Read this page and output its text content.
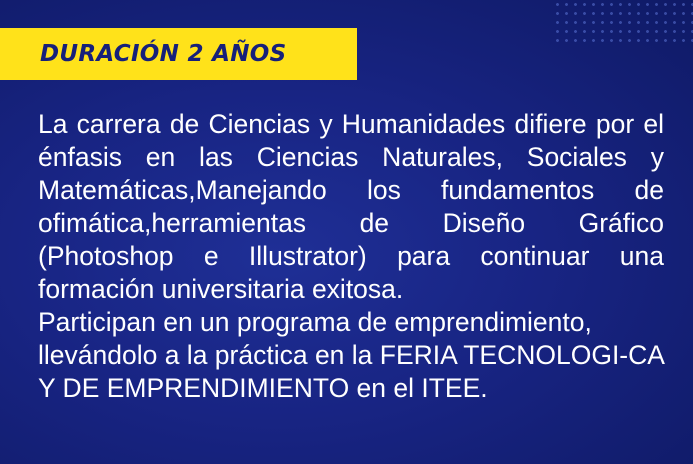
DURACIÓN 2 AÑOS

La carrera de Ciencias y Humanidades difiere por el énfasis en las Ciencias Naturales, Sociales y Matemáticas,Manejando los fundamentos de ofimática,herramientas de Diseño Gráfico (Photoshop e Illustrator) para continuar una formación universitaria exitosa.

Participan en un programa de emprendimiento, llevándolo a la práctica en la FERIA TECNOLOGI-CA Y DE EMPRENDIMIENTO en el ITEE.
